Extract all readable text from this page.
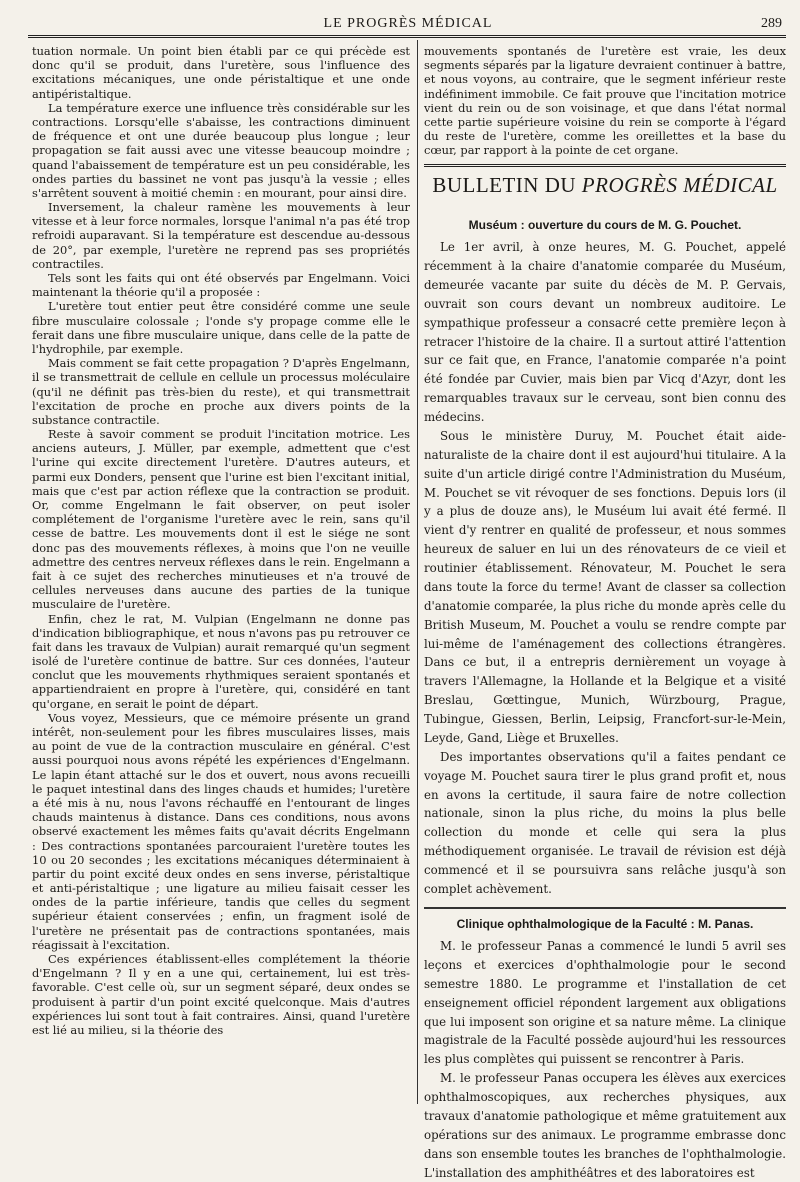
LE PROGRÈS MÉDICAL	289

tuation normale. Un point bien établi par ce qui précède est donc qu'il se produit, dans l'uretère, sous l'influence des excitations mécaniques, une onde péristaltique et une onde antipéristaltique.

La température exerce une influence très considérable sur les contractions. Lorsqu'elle s'abaisse, les contractions diminuent de fréquence et ont une durée beaucoup plus longue ; leur propagation se fait aussi avec une vitesse beaucoup moindre ; quand l'abaissement de température est un peu considérable, les ondes parties du bassinet ne vont pas jusqu'à la vessie ; elles s'arrêtent souvent à moitié chemin : en mourant, pour ainsi dire.

Inversement, la chaleur ramène les mouvements à leur vitesse et à leur force normales, lorsque l'animal n'a pas été trop refroidi auparavant. Si la température est descendue au-dessous de 20°, par exemple, l'uretère ne reprend pas ses propriétés contractiles.

Tels sont les faits qui ont été observés par Engelmann. Voici maintenant la théorie qu'il a proposée :

L'uretère tout entier peut être considéré comme une seule fibre musculaire colossale ; l'onde s'y propage comme elle le ferait dans une fibre musculaire unique, dans celle de la patte de l'hydrophile, par exemple.

Mais comment se fait cette propagation ? D'après Engelmann, il se transmettrait de cellule en cellule un processus moléculaire (qu'il ne définit pas très-bien du reste), et qui transmettrait l'excitation de proche en proche aux divers points de la substance contractile.

Reste à savoir comment se produit l'incitation motrice. Les anciens auteurs, J. Müller, par exemple, admettent que c'est l'urine qui excite directement l'uretère. D'autres auteurs, et parmi eux Donders, pensent que l'urine est bien l'excitant initial, mais que c'est par action réflexe que la contraction se produit. Or, comme Engelmann le fait observer, on peut isoler complétement de l'organisme l'uretère avec le rein, sans qu'il cesse de battre. Les mouvements dont il est le siége ne sont donc pas des mouvements réflexes, à moins que l'on ne veuille admettre des centres nerveux réflexes dans le rein. Engelmann a fait à ce sujet des recherches minutieuses et n'a trouvé de cellules nerveuses dans aucune des parties de la tunique musculaire de l'uretère.

Enfin, chez le rat, M. Vulpian (Engelmann ne donne pas d'indication bibliographique, et nous n'avons pas pu retrouver ce fait dans les travaux de Vulpian) aurait remarqué qu'un segment isolé de l'uretère continue de battre. Sur ces données, l'auteur conclut que les mouvements rhythmiques seraient spontanés et appartiendraient en propre à l'uretère, qui, considéré en tant qu'organe, en serait le point de départ.

Vous voyez, Messieurs, que ce mémoire présente un grand intérêt, non-seulement pour les fibres musculaires lisses, mais au point de vue de la contraction musculaire en général. C'est aussi pourquoi nous avons répété les expériences d'Engelmann. Le lapin étant attaché sur le dos et ouvert, nous avons recueilli le paquet intestinal dans des linges chauds et humides; l'uretère a été mis à nu, nous l'avons réchauffé en l'entourant de linges chauds maintenus à distance. Dans ces conditions, nous avons observé exactement les mêmes faits qu'avait décrits Engelmann : Des contractions spontanées parcouraient l'uretère toutes les 10 ou 20 secondes ; les excitations mécaniques déterminaient à partir du point excité deux ondes en sens inverse, péristaltique et anti-péristaltique ; une ligature au milieu faisait cesser les ondes de la partie inférieure, tandis que celles du segment supérieur étaient conservées ; enfin, un fragment isolé de l'uretère ne présentait pas de contractions spontanées, mais réagissait à l'excitation.

Ces expériences établissent-elles complétement la théorie d'Engelmann ? Il y en a une qui, certainement, lui est très-favorable. C'est celle où, sur un segment séparé, deux ondes se produisent à partir d'un point excité quelconque. Mais d'autres expériences lui sont tout à fait contraires. Ainsi, quand l'uretère est lié au milieu, si la théorie des

mouvements spontanés de l'uretère est vraie, les deux segments séparés par la ligature devraient continuer à battre, et nous voyons, au contraire, que le segment inférieur reste indéfiniment immobile. Ce fait prouve que l'incitation motrice vient du rein ou de son voisinage, et que dans l'état normal cette partie supérieure voisine du rein se comporte à l'égard du reste de l'uretère, comme les oreillettes et la base du cœur, par rapport à la pointe de cet organe.

BULLETIN DU PROGRÈS MÉDICAL

Muséum : ouverture du cours de M. G. Pouchet.

Le 1er avril, à onze heures, M. G. Pouchet, appelé récemment à la chaire d'anatomie comparée du Muséum, demeurée vacante par suite du décès de M. P. Gervais, ouvrait son cours devant un nombreux auditoire. Le sympathique professeur a consacré cette première leçon à retracer l'histoire de la chaire. Il a surtout attiré l'attention sur ce fait que, en France, l'anatomie comparée n'a point été fondée par Cuvier, mais bien par Vicq d'Azyr, dont les remarquables travaux sur le cerveau, sont bien connu des médecins.

Sous le ministère Duruy, M. Pouchet était aide-naturaliste de la chaire dont il est aujourd'hui titulaire. A la suite d'un article dirigé contre l'Administration du Muséum, M. Pouchet se vit révoquer de ses fonctions. Depuis lors (il y a plus de douze ans), le Muséum lui avait été fermé. Il vient d'y rentrer en qualité de professeur, et nous sommes heureux de saluer en lui un des rénovateurs de ce vieil et routinier établissement. Rénovateur, M. Pouchet le sera dans toute la force du terme! Avant de classer sa collection d'anatomie comparée, la plus riche du monde après celle du British Museum, M. Pouchet a voulu se rendre compte par lui-même de l'aménagement des collections étrangères. Dans ce but, il a entrepris dernièrement un voyage à travers l'Allemagne, la Hollande et la Belgique et a visité Breslau, Gœttingue, Munich, Würzbourg, Prague, Tubingue, Giessen, Berlin, Leipsig, Francfort-sur-le-Mein, Leyde, Gand, Liège et Bruxelles.

Des importantes observations qu'il a faites pendant ce voyage M. Pouchet saura tirer le plus grand profit et, nous en avons la certitude, il saura faire de notre collection nationale, sinon la plus riche, du moins la plus belle collection du monde et celle qui sera la plus méthodiquement organisée. Le travail de révision est déjà commencé et il se poursuivra sans relâche jusqu'à son complet achèvement.

Clinique ophthalmologique de la Faculté : M. Panas.

M. le professeur Panas a commencé le lundi 5 avril ses leçons et exercices d'ophthalmologie pour le second semestre 1880. Le programme et l'installation de cet enseignement officiel répondent largement aux obligations que lui imposent son origine et sa nature même. La clinique magistrale de la Faculté possède aujourd'hui les ressources les plus complètes qui puissent se rencontrer à Paris.

M. le professeur Panas occupera les élèves aux exercices ophthalmoscopiques, aux recherches physiques, aux travaux d'anatomie pathologique et même gratuitement aux opérations sur des animaux. Le programme embrasse donc dans son ensemble toutes les branches de l'ophthalmologie. L'installation des amphithéâtres et des laboratoires est
